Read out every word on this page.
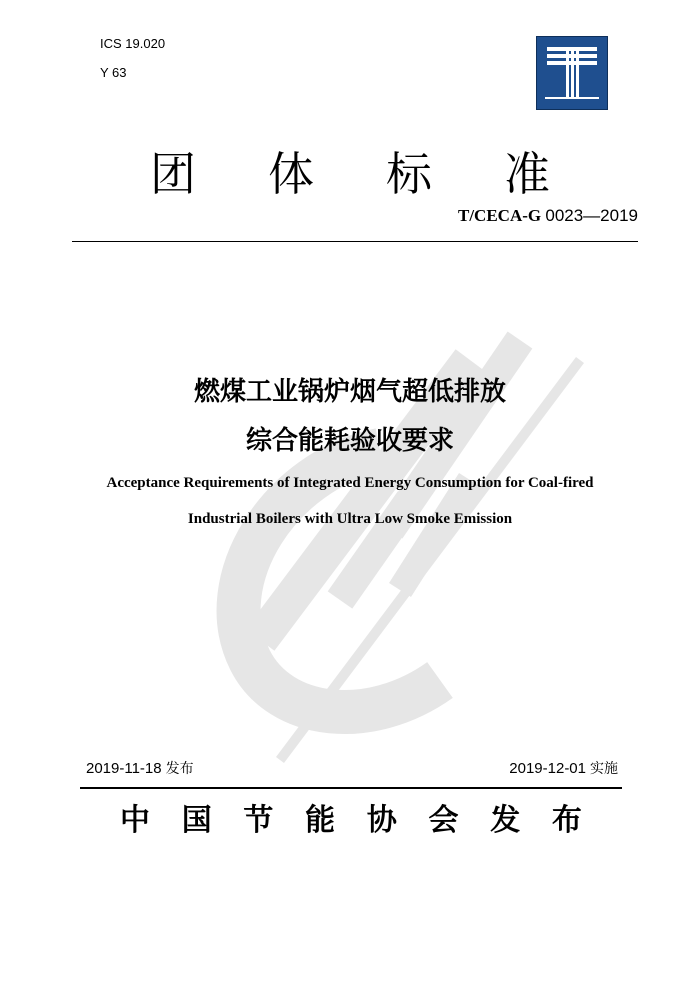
ICS 19.020
Y 63
团 体 标 准
T/CECA-G 0023—2019
燃煤工业锅炉烟气超低排放
综合能耗验收要求
Acceptance Requirements of Integrated Energy Consumption for Coal-fired
Industrial Boilers with Ultra Low Smoke Emission
2019-11-18 发布	2019-12-01 实施
中 国 节 能 协 会 发 布
